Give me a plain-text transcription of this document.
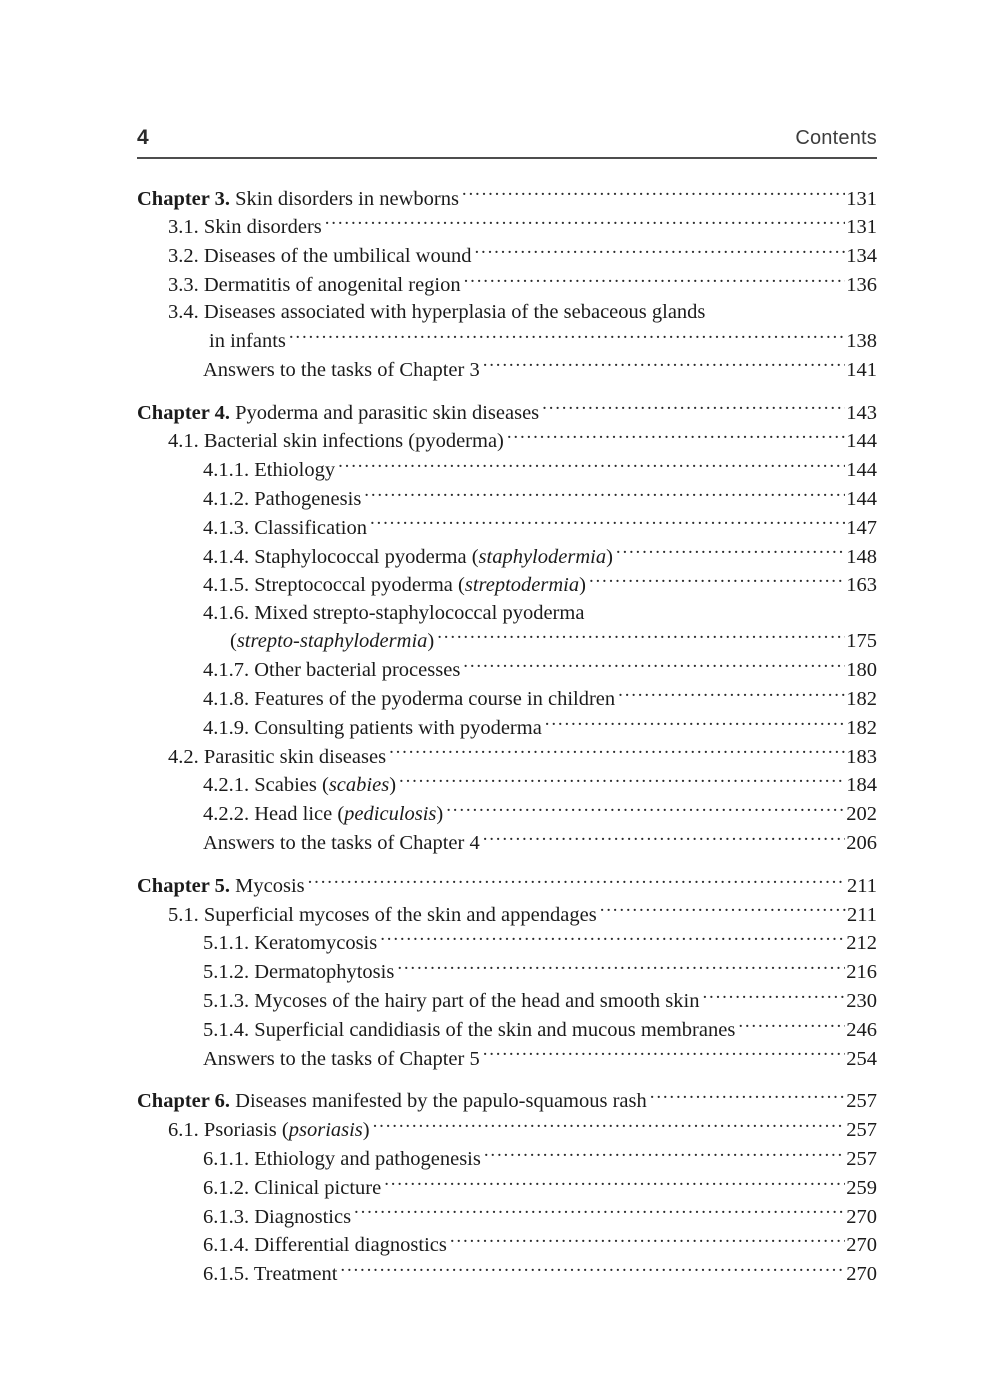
4	Contents
Chapter 3. Skin disorders in newborns .....	131
3.1. Skin disorders .....	131
3.2. Diseases of the umbilical wound .....	134
3.3. Dermatitis of anogenital region .....	136
3.4. Diseases associated with hyperplasia of the sebaceous glands
in infants .....	138
Answers to the tasks of Chapter 3 .....	141
Chapter 4. Pyoderma and parasitic skin diseases .....	143
4.1. Bacterial skin infections (pyoderma) .....	144
4.1.1. Ethiology .....	144
4.1.2. Pathogenesis .....	144
4.1.3. Classification .....	147
4.1.4. Staphylococcal pyoderma (staphylodermia) .....	148
4.1.5. Streptococcal pyoderma (streptodermia) .....	163
4.1.6. Mixed strepto-staphylococcal pyoderma
(strepto-staphylodermia) .....	175
4.1.7. Other bacterial processes .....	180
4.1.8. Features of the pyoderma course in children .....	182
4.1.9. Consulting patients with pyoderma .....	182
4.2. Parasitic skin diseases .....	183
4.2.1. Scabies (scabies) .....	184
4.2.2. Head lice (pediculosis) .....	202
Answers to the tasks of Chapter 4 .....	206
Chapter 5. Mycosis .....	211
5.1. Superficial mycoses of the skin and appendages .....	211
5.1.1. Keratomycosis .....	212
5.1.2. Dermatophytosis .....	216
5.1.3. Mycoses of the hairy part of the head and smooth skin .....	230
5.1.4. Superficial candidiasis of the skin and mucous membranes .....	246
Answers to the tasks of Chapter 5 .....	254
Chapter 6. Diseases manifested by the papulo-squamous rash .....	257
6.1. Psoriasis (psoriasis) .....	257
6.1.1. Ethiology and pathogenesis .....	257
6.1.2. Clinical picture .....	259
6.1.3. Diagnostics .....	270
6.1.4. Differential diagnostics .....	270
6.1.5. Treatment .....	270
